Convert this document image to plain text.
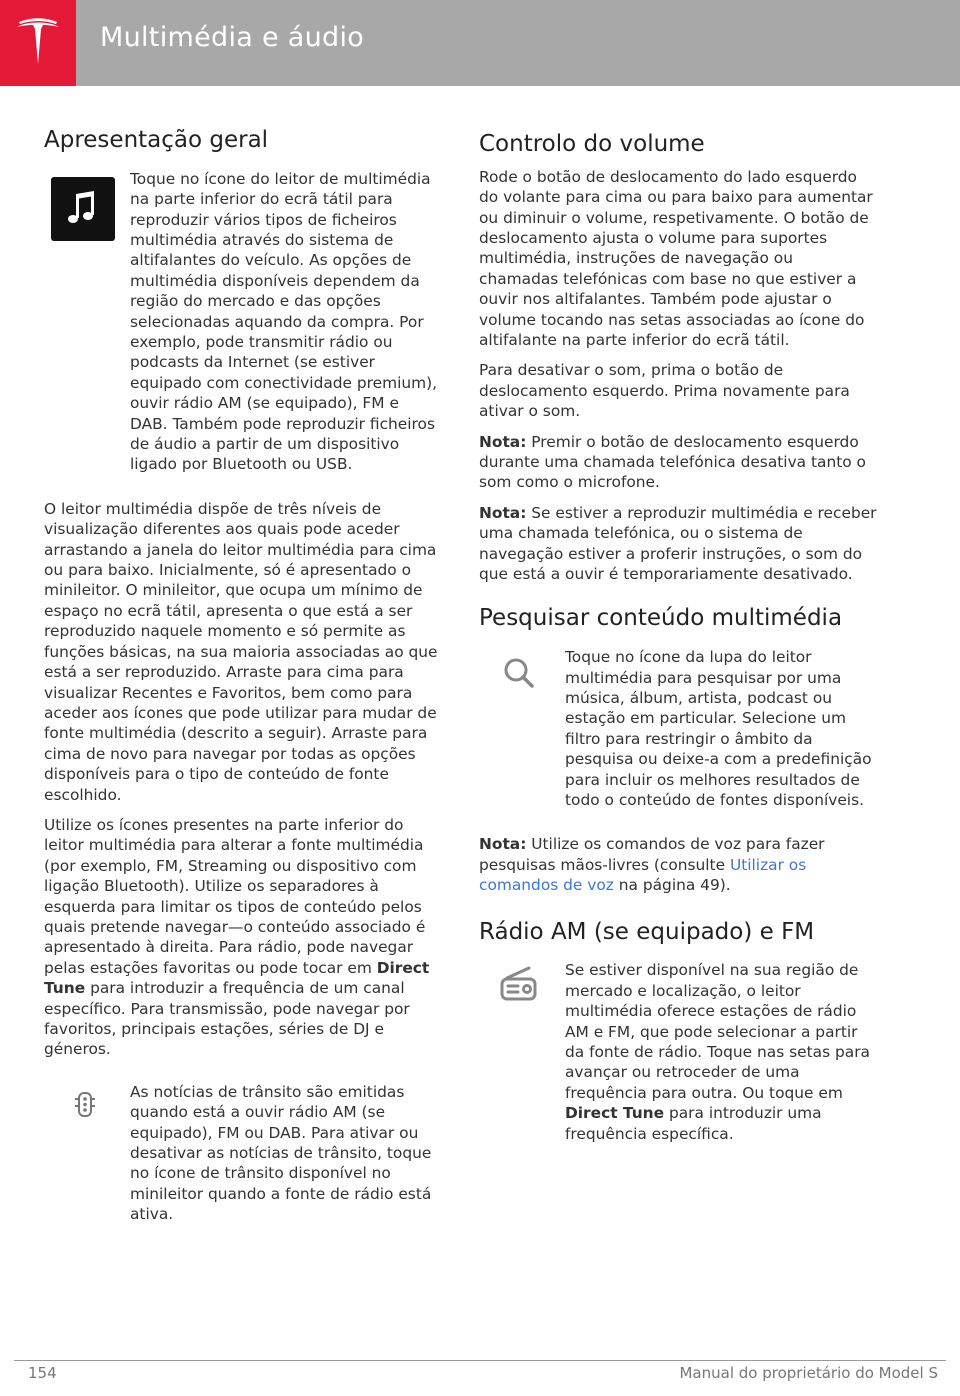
Multimédia e áudio
Apresentação geral

Toque no ícone do leitor de multimédia na parte inferior do ecrã tátil para reproduzir vários tipos de ficheiros multimédia através do sistema de altifalantes do veículo. As opções de multimédia disponíveis dependem da região do mercado e das opções selecionadas aquando da compra. Por exemplo, pode transmitir rádio ou podcasts da Internet (se estiver equipado com conectividade premium), ouvir rádio AM (se equipado), FM e DAB. Também pode reproduzir ficheiros de áudio a partir de um dispositivo ligado por Bluetooth ou USB.

O leitor multimédia dispõe de três níveis de visualização diferentes aos quais pode aceder arrastando a janela do leitor multimédia para cima ou para baixo. Inicialmente, só é apresentado o minileitor. O minileitor, que ocupa um mínimo de espaço no ecrã tátil, apresenta o que está a ser reproduzido naquele momento e só permite as funções básicas, na sua maioria associadas ao que está a ser reproduzido. Arraste para cima para visualizar Recentes e Favoritos, bem como para aceder aos ícones que pode utilizar para mudar de fonte multimédia (descrito a seguir). Arraste para cima de novo para navegar por todas as opções disponíveis para o tipo de conteúdo de fonte escolhido.

Utilize os ícones presentes na parte inferior do leitor multimédia para alterar a fonte multimédia (por exemplo, FM, Streaming ou dispositivo com ligação Bluetooth). Utilize os separadores à esquerda para limitar os tipos de conteúdo pelos quais pretende navegar—o conteúdo associado é apresentado à direita. Para rádio, pode navegar pelas estações favoritas ou pode tocar em Direct Tune para introduzir a frequência de um canal específico. Para transmissão, pode navegar por favoritos, principais estações, séries de DJ e géneros.

As notícias de trânsito são emitidas quando está a ouvir rádio AM (se equipado), FM ou DAB. Para ativar ou desativar as notícias de trânsito, toque no ícone de trânsito disponível no minileitor quando a fonte de rádio está ativa.

Controlo do volume

Rode o botão de deslocamento do lado esquerdo do volante para cima ou para baixo para aumentar ou diminuir o volume, respetivamente. O botão de deslocamento ajusta o volume para suportes multimédia, instruções de navegação ou chamadas telefónicas com base no que estiver a ouvir nos altifalantes. Também pode ajustar o volume tocando nas setas associadas ao ícone do altifalante na parte inferior do ecrã tátil.

Para desativar o som, prima o botão de deslocamento esquerdo. Prima novamente para ativar o som.

Nota: Premir o botão de deslocamento esquerdo durante uma chamada telefónica desativa tanto o som como o microfone.

Nota: Se estiver a reproduzir multimédia e receber uma chamada telefónica, ou o sistema de navegação estiver a proferir instruções, o som do que está a ouvir é temporariamente desativado.

Pesquisar conteúdo multimédia

Toque no ícone da lupa do leitor multimédia para pesquisar por uma música, álbum, artista, podcast ou estação em particular. Selecione um filtro para restringir o âmbito da pesquisa ou deixe-a com a predefinição para incluir os melhores resultados de todo o conteúdo de fontes disponíveis.

Nota: Utilize os comandos de voz para fazer pesquisas mãos-livres (consulte Utilizar os comandos de voz na página 49).

Rádio AM (se equipado) e FM

Se estiver disponível na sua região de mercado e localização, o leitor multimédia oferece estações de rádio AM e FM, que pode selecionar a partir da fonte de rádio. Toque nas setas para avançar ou retroceder de uma frequência para outra. Ou toque em Direct Tune para introduzir uma frequência específica.

154	Manual do proprietário do Model S
